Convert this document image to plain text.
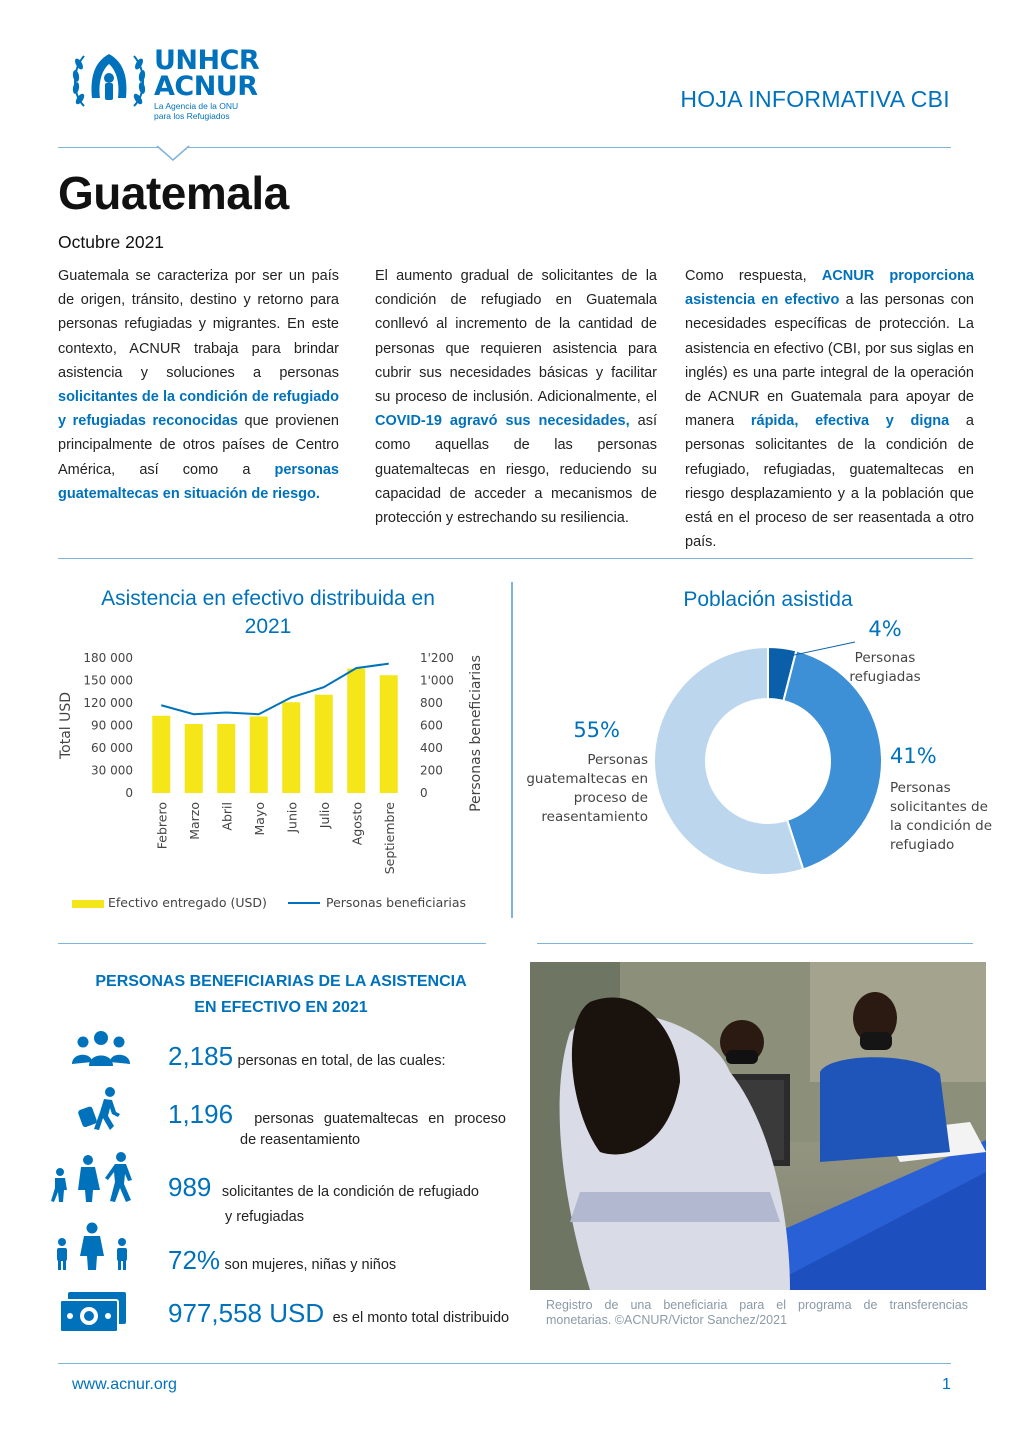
UNHCR
ACNUR
La Agencia de la ONU
para los Refugiados
HOJA INFORMATIVA CBI
Guatemala
Octubre 2021

Guatemala se caracteriza por ser un país de origen, tránsito, destino y retorno para personas refugiadas y migrantes. En este contexto, ACNUR trabaja para brindar asistencia y soluciones a personas solicitantes de la condición de refugiado y refugiadas reconocidas que provienen principalmente de otros países de Centro América, así como a personas guatemaltecas en situación de riesgo.

El aumento gradual de solicitantes de la condición de refugiado en Guatemala conllevó al incremento de la cantidad de personas que requieren asistencia para cubrir sus necesidades básicas y facilitar su proceso de inclusión. Adicionalmente, el COVID-19 agravó sus necesidades, así como aquellas de las personas guatemaltecas en riesgo, reduciendo su capacidad de acceder a mecanismos de protección y estrechando su resiliencia.

Como respuesta, ACNUR proporciona asistencia en efectivo a las personas con necesidades específicas de protección. La asistencia en efectivo (CBI, por sus siglas en inglés) es una parte integral de la operación de ACNUR en Guatemala para apoyar de manera rápida, efectiva y digna a personas solicitantes de la condición de refugiado, refugiadas, guatemaltecas en riesgo desplazamiento y a la población que está en el proceso de ser reasentada a otro país.

Asistencia en efectivo distribuida en 2021
180 000
150 000
120 000
90 000
60 000
30 000
0
1'200
1'000
800
600
400
200
0
Total USD	Personas beneficiarias
Febrero Marzo Abril Mayo Junio Julio Agosto Septiembre
Efectivo entregado (USD)	Personas beneficiarias
Población asistida
4%
Personas refugiadas
41%
Personas solicitantes de la condición de refugiado
55%
Personas guatemaltecas en proceso de reasentamiento
PERSONAS BENEFICIARIAS DE LA ASISTENCIA
EN EFECTIVO EN 2021
2,185 personas en total, de las cuales:
1,196 personas guatemaltecas en proceso
de reasentamiento
989 solicitantes de la condición de refugiado
y refugiadas
72% son mujeres, niñas y niños
977,558 USD es el monto total distribuido
Registro de una beneficiaria para el programa de transferencias monetarias. ©ACNUR/Victor Sanchez/2021
www.acnur.org	1
